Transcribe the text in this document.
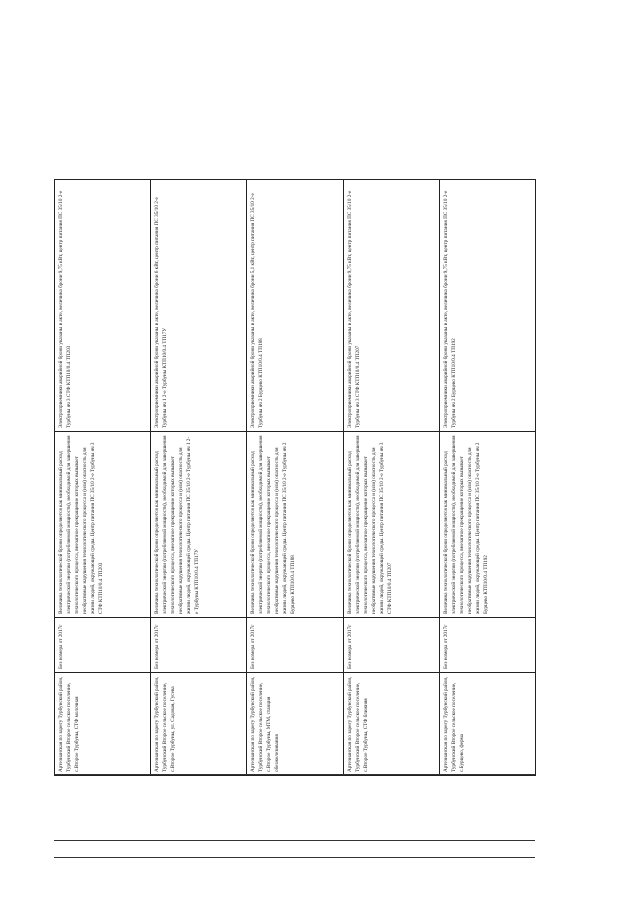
Артезианская по зарегу Турбунский район, Турбунский Второе сельское поселение, с.Второе Турбуны, СТФ молочная	Без номера от 2017г	Величина технологической брони определяется как минимальный расход электрической энергии (потребляемой мощности), необходимой для завершения технологического процесса, внезапное прекращение которых вызывает необратимые нарушения технологического процесса и (или) опасность для жизни людей, окружающей среды. Центр питания ПС 35/10 2-е Турбуны яч 3 СТФ КТП10/0.4 ТП203	Электроприемники аварийной брони указаны в акте, величина брони 9,75 кВт, центр питания ПС 35/10 2-е Турбуны яч 3 СТФ КТП10/0.4 ТП203
Артезианская по зарегу Турбунский район, Турбунский Второе сельское поселение, с.Второе Турбуны, ул. Садовая, Гусева	Без номера от 2017г	Величина технологической брони определяется как минимальный расход электрической энергии (потребляемой мощности), необходимой для завершения технологического процесса, внезапное прекращение которых вызывает необратимые нарушения технологического процесса и (или) опасность для жизни людей, окружающей среды. Центр питания ПС 35/10 2-е Турбуны яч 1 2-е Турбуны КТП10/0.4 ТП17У	Электроприемники аварийной брони указаны в акте, величина брони 6 кВт, центр питания ПС 35/10 2-е Турбуны яч 1 2-е Турбуны КТП10/0.4 ТП17У
Артезианская по зарегу Турбунский район, Турбунский Второе сельское поселение, с.Второе Турбуны, МТМ, станция обезжелезивания	Без номера от 2017г	Величина технологической брони определяется как минимальный расход электрической энергии (потребляемой мощности), необходимой для завершения технологического процесса, внезапное прекращение которых вызывает необратимые нарушения технологического процесса и (или) опасность для жизни людей, окружающей среды. Центр питания ПС 35/10 2-е Турбуны яч 2 Бурцево КТП10/0.4 ТП188	Электроприемники аварийной брони указаны в акте, величина брони 5,1 кВт, центр питания ПС 35/10 2-е Турбуны яч 2 Бурцево КТП10/0.4 ТП188
Артезианская по зарегу Турбунский район, Турбунский Второе сельское поселение, с.Второе Турбуны, СТФ ближняя	Без номера от 2017г	Величина технологической брони определяется как минимальный расход электрической энергии (потребляемой мощности), необходимой для завершения технологического процесса, внезапное прекращение которых вызывает необратимые нарушения технологического процесса и (или) опасность для жизни людей, окружающей среды. Центр питания ПС 35/10 2-е Турбуны яч 3 СТФ КТП10/0.4 ТП207	Электроприемники аварийной брони указаны в акте, величина брони 9,75 кВт, центр питания ПС 35/10 2-е Турбуны яч 3 СТФ КТП10/0.4 ТП207
Артезианская по зарегу Турбунский район, Турбунский Второе сельское поселение, с.Бурцево, ферма	Без номера от 2017г	Величина технологической брони определяется как минимальный расход электрической энергии (потребляемой мощности), необходимой для завершения технологического процесса, внезапное прекращение которых вызывает необратимые нарушения технологического процесса и (или) опасность для жизни людей, окружающей среды. Центр питания ПС 35/10 2-е Турбуны яч 2 Бурцево КТП10/0.4 ТП192	Электроприемники аварийной брони указаны в акте, величина брони 9,75 кВт, центр питания ПС 35/10 2-е Турбуны яч 2 Бурцево КТП10/0.4 ТП192
